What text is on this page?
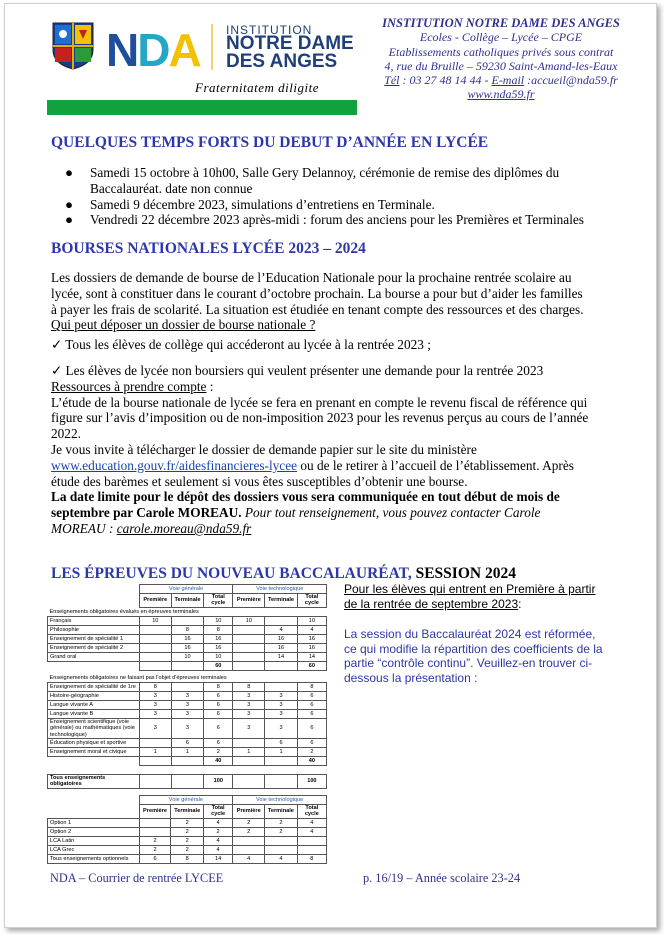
NDA INSTITUTION
NOTRE DAME
DES ANGES
Fraternitatem diligite
INSTITUTION NOTRE DAME DES ANGES
Ecoles - Collège – Lycée – CPGE
Etablissements catholiques privés sous contrat
4, rue du Bruille – 59230 Saint-Amand-les-Eaux
Tél : 03 27 48 14 44 - E-mail :accueil@nda59.fr
www.nda59.fr
QUELQUES TEMPS FORTS DU DEBUT D’ANNÉE EN LYCÉE
●	Samedi 15 octobre à 10h00, Salle Gery Delannoy, cérémonie de remise des diplômes du Baccalauréat. date non connue
●	Samedi 9 décembre 2023, simulations d’entretiens en Terminale.
●	Vendredi 22 décembre 2023 après-midi : forum des anciens pour les Premières et Terminales
BOURSES NATIONALES LYCÉE 2023 – 2024
Les dossiers de demande de bourse de l’Education Nationale pour la prochaine rentrée scolaire au lycée, sont à constituer dans le courant d’octobre prochain. La bourse a pour but d’aider les familles à payer les frais de scolarité. La situation est étudiée en tenant compte des ressources et des charges.
Qui peut déposer un dossier de bourse nationale ?
✓ Tous les élèves de collège qui accéderont au lycée à la rentrée 2023 ;
✓ Les élèves de lycée non boursiers qui veulent présenter une demande pour la rentrée 2023
Ressources à prendre compte :
L’étude de la bourse nationale de lycée se fera en prenant en compte le revenu fiscal de référence qui figure sur l’avis d’imposition ou de non-imposition 2023 pour les revenus perçus au cours de l’année 2022.
Je vous invite à télécharger le dossier de demande papier sur le site du ministère www.education.gouv.fr/aidesfinancieres-lycee ou de le retirer à l’accueil de l’établissement. Après étude des barèmes et seulement si vous êtes susceptibles d’obtenir une bourse.
La date limite pour le dépôt des dossiers vous sera communiquée en tout début de mois de septembre par Carole MOREAU. Pour tout renseignement, vous pouvez contacter Carole MOREAU : carole.moreau@nda59.fr
LES ÉPREUVES DU NOUVEAU BACCALAURÉAT, SESSION 2024
Pour les élèves qui entrent en Première à partir de la rentrée de septembre 2023:
La session du Baccalauréat 2024 est réformée, ce qui modifie la répartition des coefficients de la partie “contrôle continu”. Veuillez-en trouver ci-dessous la présentation :
	Voie générale			Voie technologique		
	Première	Terminale	Total cycle	Première	Terminale	Total cycle
Enseignements obligatoires évalués en épreuves terminales						
Français	10		10	10		10
Philosophie		8	8		4	4
Enseignement de spécialité 1		16	16		16	16
Enseignement de spécialité 2		16	16		16	16
Grand oral		10	10		14	14
			60			60
Enseignements obligatoires ne faisant pas l'objet d'épreuves terminales						
Enseignement de spécialité de 1re	8		8	8		8
Histoire-géographie	3	3	6	3	3	6
Langue vivante A	3	3	6	3	3	6
Langue vivante B	3	3	6	3	3	6
Enseignement scientifique (voie générale) ou mathématiques (voie technologique)	3	3	6	3	3	6
Éducation physique et sportive		6	6		6	6
Enseignement moral et civique	1	1	2	1	1	2
			40			40

Tous enseignements obligatoires			100			100
	Voie générale			Voie technologique		
	Première	Terminale	Total cycle	Première	Terminale	Total cycle
Option 1		2	4	2	2	4
Option 2		2	2	2	2	4
LCA Latin	2	2	4			
LCA Grec	2	2	4			
Tous enseignements optionnels	6	8	14	4	4	8
NDA – Courrier de rentrée LYCEE	p. 16/19 – Année scolaire 23-24
